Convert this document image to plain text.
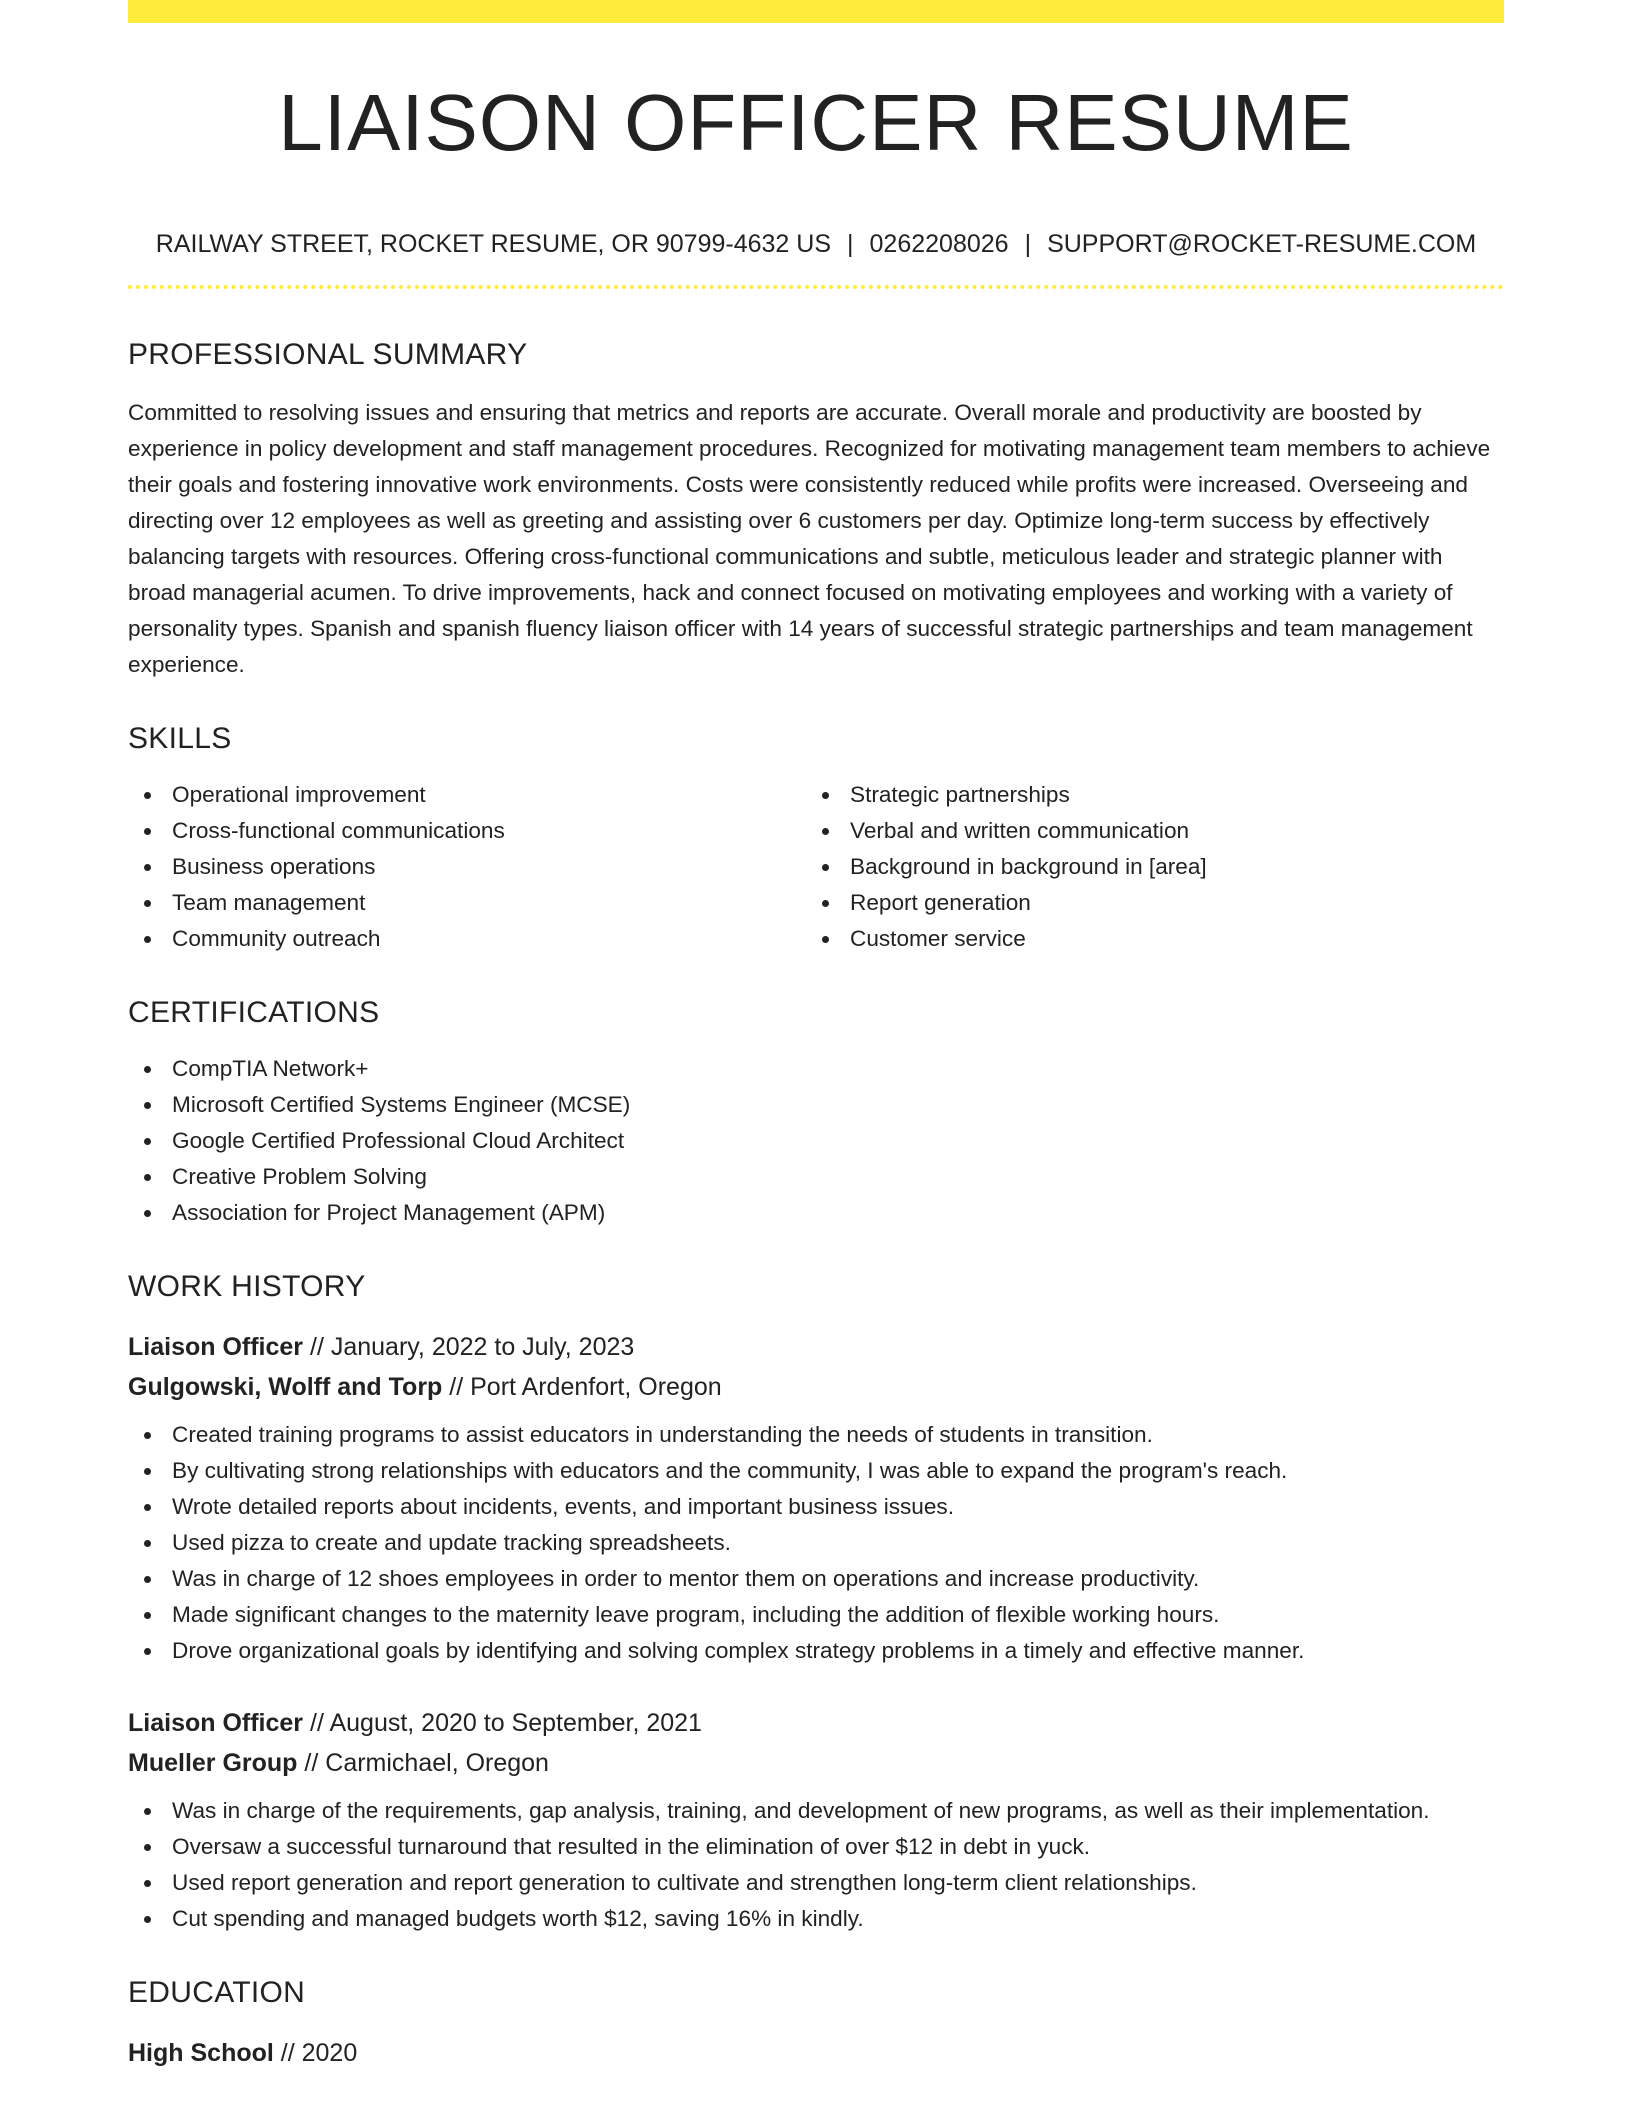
LIAISON OFFICER RESUME
RAILWAY STREET, ROCKET RESUME, OR 90799-4632 US | 0262208026 | SUPPORT@ROCKET-RESUME.COM
PROFESSIONAL SUMMARY

Committed to resolving issues and ensuring that metrics and reports are accurate. Overall morale and productivity are boosted by experience in policy development and staff management procedures. Recognized for motivating management team members to achieve their goals and fostering innovative work environments. Costs were consistently reduced while profits were increased. Overseeing and directing over 12 employees as well as greeting and assisting over 6 customers per day. Optimize long-term success by effectively balancing targets with resources. Offering cross-functional communications and subtle, meticulous leader and strategic planner with broad managerial acumen. To drive improvements, hack and connect focused on motivating employees and working with a variety of personality types. Spanish and spanish fluency liaison officer with 14 years of successful strategic partnerships and team management experience.

SKILLS
Operational improvement
Cross-functional communications
Business operations
Team management
Community outreach
Strategic partnerships
Verbal and written communication
Background in background in [area]
Report generation
Customer service
CERTIFICATIONS
CompTIA Network+
Microsoft Certified Systems Engineer (MCSE)
Google Certified Professional Cloud Architect
Creative Problem Solving
Association for Project Management (APM)
WORK HISTORY
Liaison Officer // January, 2022 to July, 2023
Gulgowski, Wolff and Torp // Port Ardenfort, Oregon
Created training programs to assist educators in understanding the needs of students in transition.
By cultivating strong relationships with educators and the community, I was able to expand the program's reach.
Wrote detailed reports about incidents, events, and important business issues.
Used pizza to create and update tracking spreadsheets.
Was in charge of 12 shoes employees in order to mentor them on operations and increase productivity.
Made significant changes to the maternity leave program, including the addition of flexible working hours.
Drove organizational goals by identifying and solving complex strategy problems in a timely and effective manner.
Liaison Officer // August, 2020 to September, 2021
Mueller Group // Carmichael, Oregon
Was in charge of the requirements, gap analysis, training, and development of new programs, as well as their implementation.
Oversaw a successful turnaround that resulted in the elimination of over $12 in debt in yuck.
Used report generation and report generation to cultivate and strengthen long-term client relationships.
Cut spending and managed budgets worth $12, saving 16% in kindly.
EDUCATION
High School // 2020
